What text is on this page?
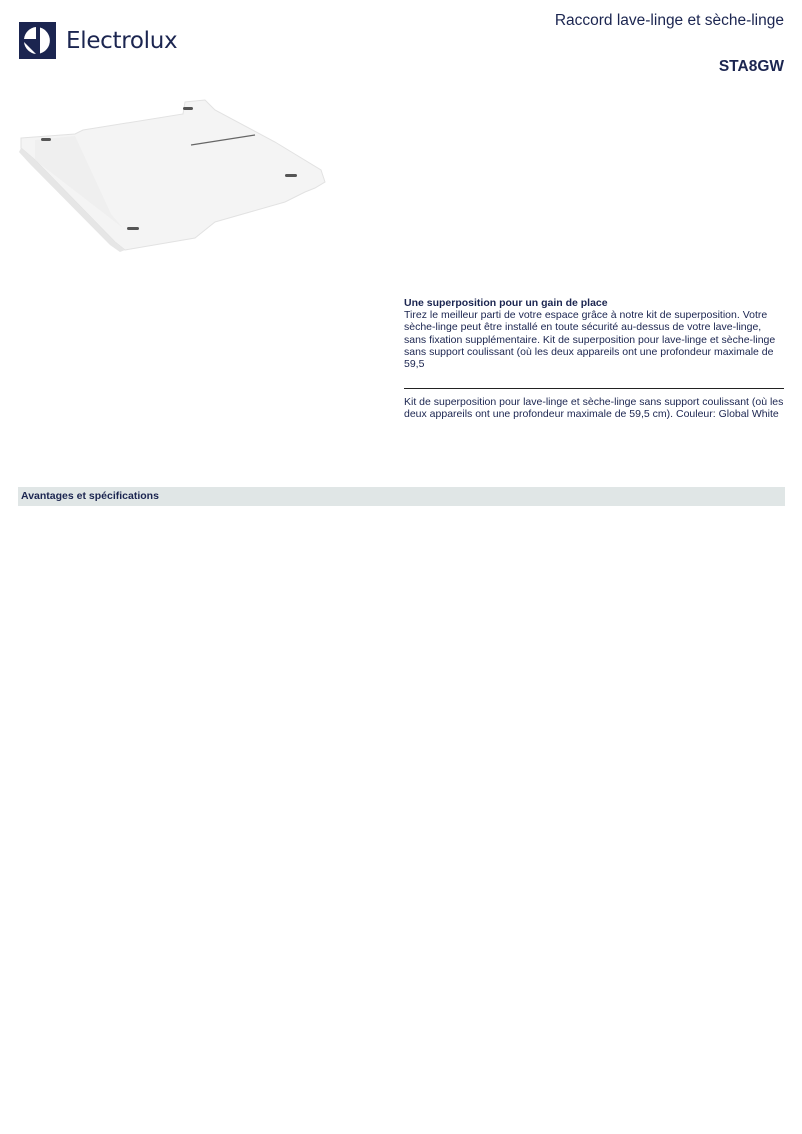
Electrolux
Raccord lave-linge et sèche-linge
STA8GW
Une superposition pour un gain de place
Tirez le meilleur parti de votre espace grâce à notre kit de superposition. Votre sèche-linge peut être installé en toute sécurité au-dessus de votre lave-linge, sans fixation supplémentaire. Kit de superposition pour lave-linge et sèche-linge sans support coulissant (où les deux appareils ont une profondeur maximale de 59,5
Kit de superposition pour lave-linge et sèche-linge sans support coulissant (où les deux appareils ont une profondeur maximale de 59,5 cm). Couleur: Global White
Avantages et spécifications
